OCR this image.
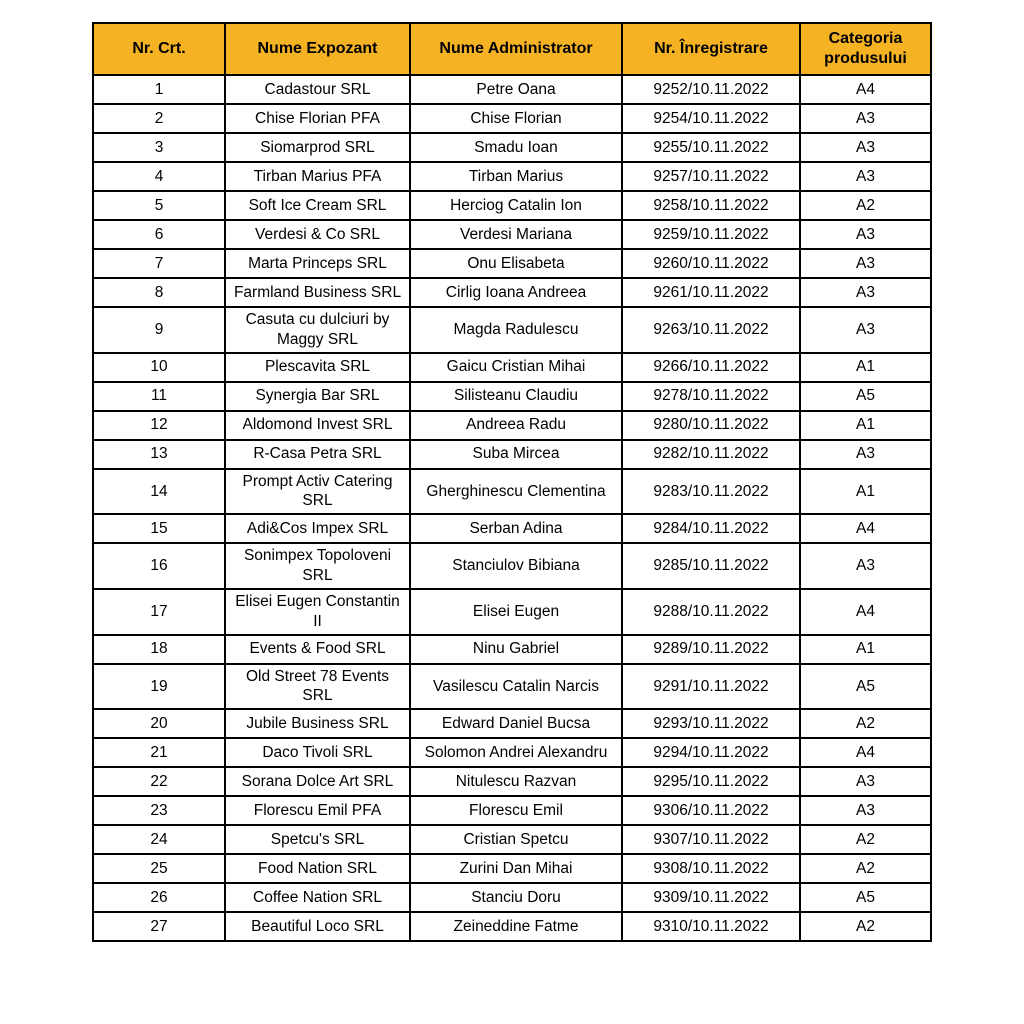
Nr. Crt.	Nume Expozant	Nume Administrator	Nr. Înregistrare	Categoria produsului
1	Cadastour SRL	Petre Oana	9252/10.11.2022	A4
2	Chise Florian PFA	Chise Florian	9254/10.11.2022	A3
3	Siomarprod SRL	Smadu Ioan	9255/10.11.2022	A3
4	Tirban Marius PFA	Tirban Marius	9257/10.11.2022	A3
5	Soft Ice Cream SRL	Herciog Catalin Ion	9258/10.11.2022	A2
6	Verdesi & Co SRL	Verdesi Mariana	9259/10.11.2022	A3
7	Marta Princeps SRL	Onu Elisabeta	9260/10.11.2022	A3
8	Farmland Business SRL	Cirlig Ioana Andreea	9261/10.11.2022	A3
9	Casuta cu dulciuri by Maggy SRL	Magda Radulescu	9263/10.11.2022	A3
10	Plescavita SRL	Gaicu Cristian Mihai	9266/10.11.2022	A1
11	Synergia Bar SRL	Silisteanu Claudiu	9278/10.11.2022	A5
12	Aldomond Invest SRL	Andreea Radu	9280/10.11.2022	A1
13	R-Casa Petra SRL	Suba Mircea	9282/10.11.2022	A3
14	Prompt Activ Catering SRL	Gherghinescu Clementina	9283/10.11.2022	A1
15	Adi&Cos Impex SRL	Serban Adina	9284/10.11.2022	A4
16	Sonimpex Topoloveni SRL	Stanciulov Bibiana	9285/10.11.2022	A3
17	Elisei Eugen Constantin II	Elisei Eugen	9288/10.11.2022	A4
18	Events & Food SRL	Ninu Gabriel	9289/10.11.2022	A1
19	Old Street 78 Events SRL	Vasilescu Catalin Narcis	9291/10.11.2022	A5
20	Jubile Business SRL	Edward Daniel Bucsa	9293/10.11.2022	A2
21	Daco Tivoli SRL	Solomon Andrei Alexandru	9294/10.11.2022	A4
22	Sorana Dolce Art SRL	Nitulescu Razvan	9295/10.11.2022	A3
23	Florescu Emil PFA	Florescu Emil	9306/10.11.2022	A3
24	Spetcu's SRL	Cristian Spetcu	9307/10.11.2022	A2
25	Food Nation SRL	Zurini Dan Mihai	9308/10.11.2022	A2
26	Coffee Nation SRL	Stanciu Doru	9309/10.11.2022	A5
27	Beautiful Loco SRL	Zeineddine Fatme	9310/10.11.2022	A2
